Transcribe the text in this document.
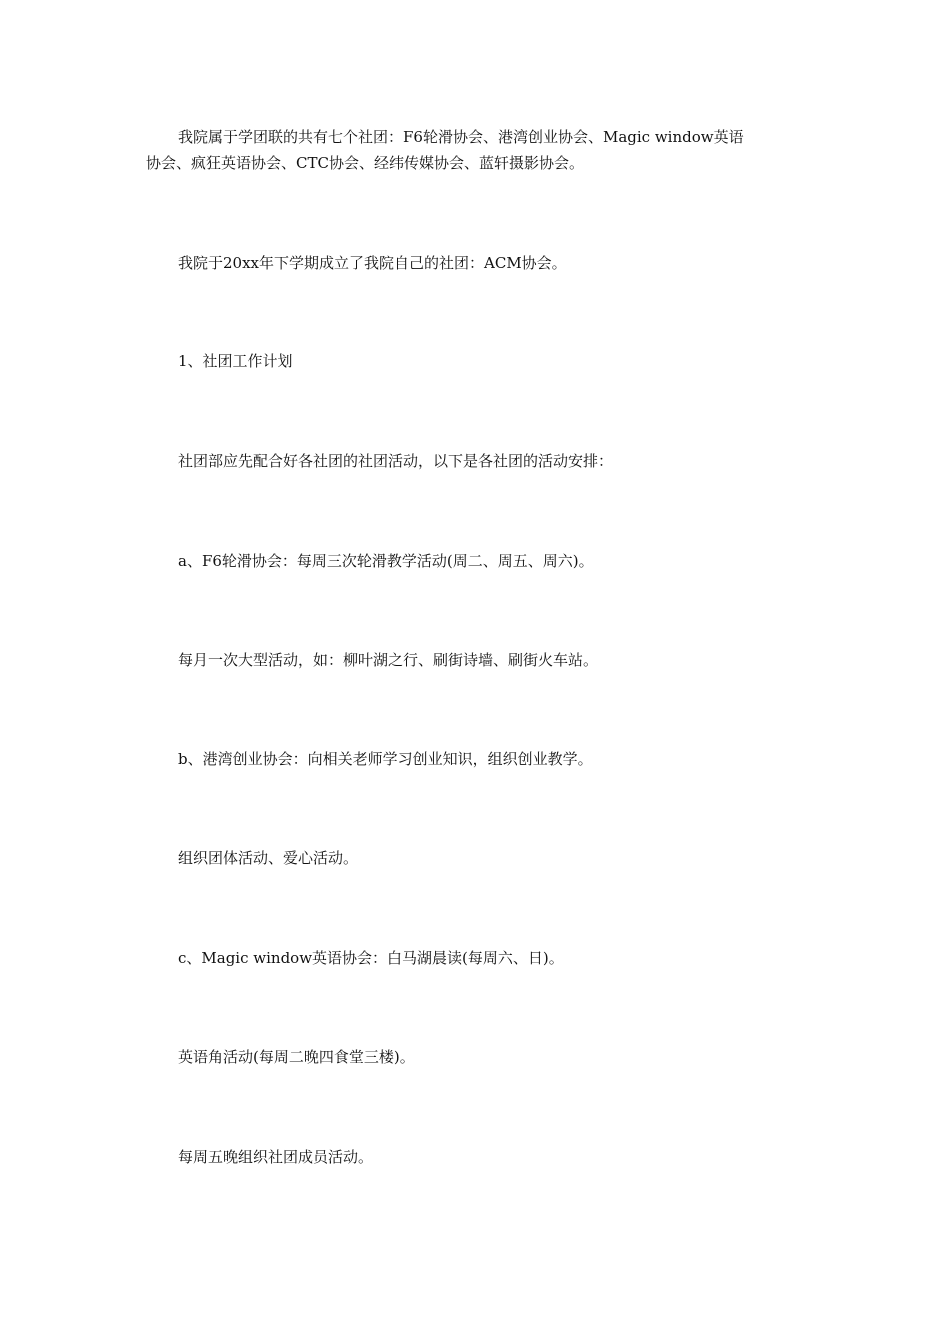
我院属于学团联的共有七个社团：F6轮滑协会、港湾创业协会、Magic window英语
协会、疯狂英语协会、CTC协会、经纬传媒协会、蓝轩摄影协会。
我院于20xx年下学期成立了我院自己的社团：ACM协会。
1、社团工作计划
社团部应先配合好各社团的社团活动，以下是各社团的活动安排：
a、F6轮滑协会：每周三次轮滑教学活动(周二、周五、周六)。
每月一次大型活动，如：柳叶湖之行、刷街诗墙、刷街火车站。
b、港湾创业协会：向相关老师学习创业知识，组织创业教学。
组织团体活动、爱心活动。
c、Magic window英语协会：白马湖晨读(每周六、日)。
英语角活动(每周二晚四食堂三楼)。
每周五晚组织社团成员活动。
